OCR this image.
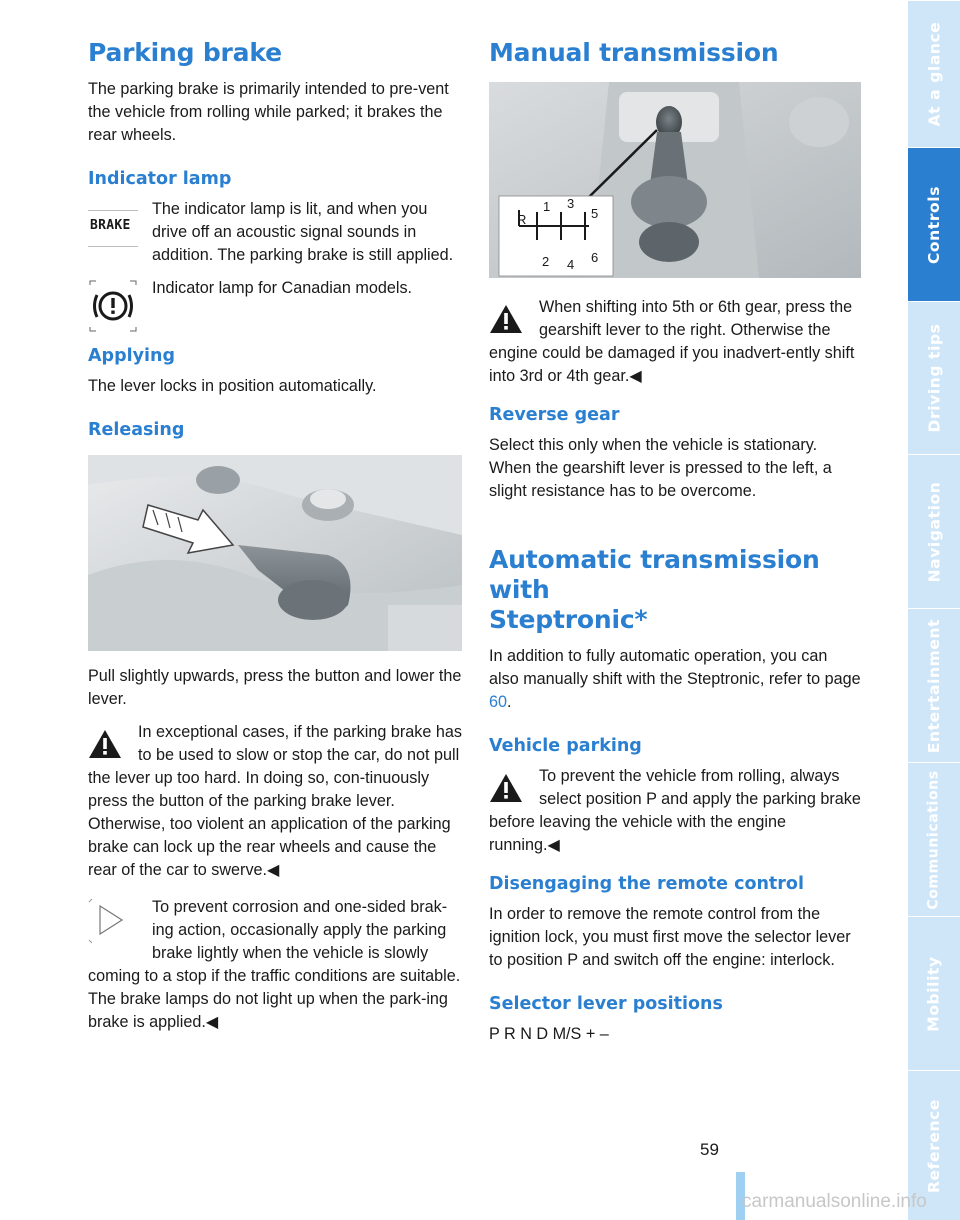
Parking brake

The parking brake is primarily intended to pre-vent the vehicle from rolling while parked; it brakes the rear wheels.

Indicator lamp
BRAKE

The indicator lamp is lit, and when you drive off an acoustic signal sounds in addition. The parking brake is still applied.

Indicator lamp for Canadian models.

Applying

The lever locks in position automatically.

Releasing

Pull slightly upwards, press the button and lower the lever.

In exceptional cases, if the parking brake has to be used to slow or stop the car, do not pull the lever up too hard. In doing so, con-tinuously press the button of the parking brake lever.

Otherwise, too violent an application of the parking brake can lock up the rear wheels and cause the rear of the car to swerve.◀

To prevent corrosion and one-sided brak-ing action, occasionally apply the parking brake lightly when the vehicle is slowly coming to a stop if the traffic conditions are suitable.

The brake lamps do not light up when the park-ing brake is applied.◀

Manual transmission
R
1 3
5
2 4 6

When shifting into 5th or 6th gear, press the gearshift lever to the right. Otherwise the engine could be damaged if you inadvert-ently shift into 3rd or 4th gear.◀

Reverse gear

Select this only when the vehicle is stationary. When the gearshift lever is pressed to the left, a slight resistance has to be overcome.

Automatic transmission with
Steptronic*

In addition to fully automatic operation, you can also manually shift with the Steptronic, refer to page 60.

Vehicle parking

To prevent the vehicle from rolling, always select position P and apply the parking brake before leaving the vehicle with the engine running.◀

Disengaging the remote control

In order to remove the remote control from the ignition lock, you must first move the selector lever to position P and switch off the engine: interlock.

Selector lever positions

P R N D M/S + –

At a glance
Controls
Driving tips
Navigation
Entertainment
Communications
Mobility
Reference
59
carmanualsonline.info
